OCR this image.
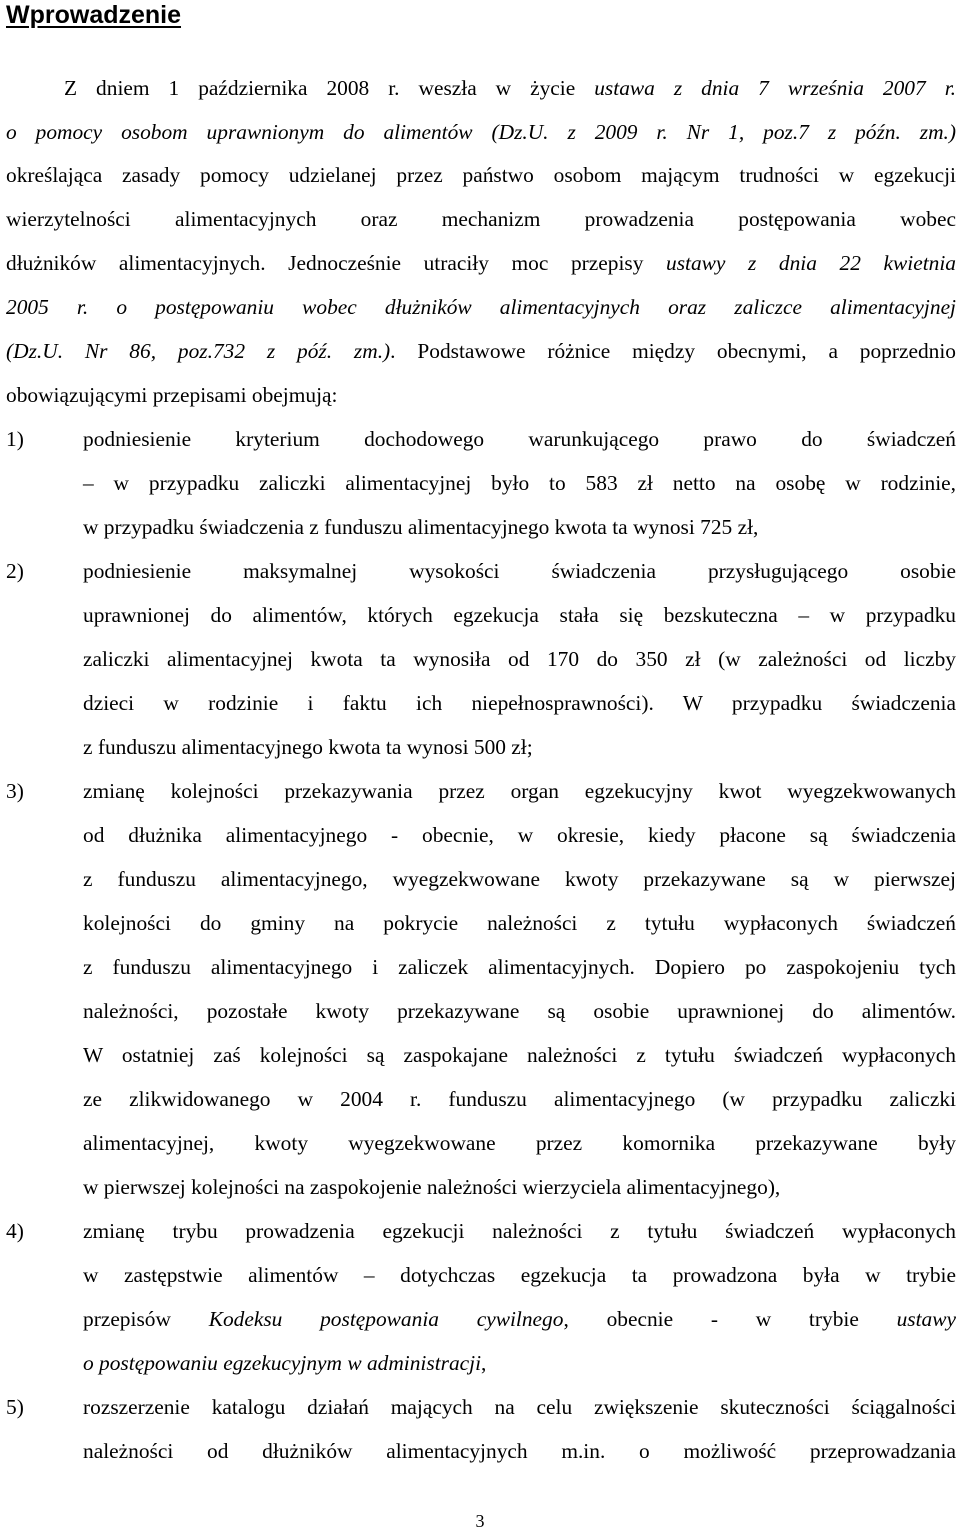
Wprowadzenie
Z dniem 1 października 2008 r. weszła w życie ustawa z dnia 7 września 2007 r.
o pomocy osobom uprawnionym do alimentów (Dz.U. z 2009 r. Nr 1, poz.7 z późn. zm.)
określająca zasady pomocy udzielanej przez państwo osobom mającym trudności w egzekucji
wierzytelności alimentacyjnych oraz mechanizm prowadzenia postępowania wobec
dłużników alimentacyjnych. Jednocześnie utraciły moc przepisy ustawy z dnia 22 kwietnia
2005 r. o postępowaniu wobec dłużników alimentacyjnych oraz zaliczce alimentacyjnej
(Dz.U. Nr 86, poz.732 z póź. zm.). Podstawowe różnice między obecnymi, a poprzednio
obowiązującymi przepisami obejmują:
podniesienie kryterium dochodowego warunkującego prawo do świadczeń
– w przypadku zaliczki alimentacyjnej było to 583 zł netto na osobę w rodzinie,
w przypadku świadczenia z funduszu alimentacyjnego kwota ta wynosi 725 zł,
podniesienie maksymalnej wysokości świadczenia przysługującego osobie
uprawnionej do alimentów, których egzekucja stała się bezskuteczna – w przypadku
zaliczki alimentacyjnej kwota ta wynosiła od 170 do 350 zł (w zależności od liczby
dzieci w rodzinie i faktu ich niepełnosprawności). W przypadku świadczenia
z funduszu alimentacyjnego kwota ta wynosi 500 zł;
zmianę kolejności przekazywania przez organ egzekucyjny kwot wyegzekwowanych
od dłużnika alimentacyjnego - obecnie, w okresie, kiedy płacone są świadczenia
z funduszu alimentacyjnego, wyegzekwowane kwoty przekazywane są w pierwszej
kolejności do gminy na pokrycie należności z tytułu wypłaconych świadczeń
z funduszu alimentacyjnego i zaliczek alimentacyjnych. Dopiero po zaspokojeniu tych
należności, pozostałe kwoty przekazywane są osobie uprawnionej do alimentów.
W ostatniej zaś kolejności są zaspokajane należności z tytułu świadczeń wypłaconych
ze zlikwidowanego w 2004 r. funduszu alimentacyjnego (w przypadku zaliczki
alimentacyjnej, kwoty wyegzekwowane przez komornika przekazywane były
w pierwszej kolejności na zaspokojenie należności wierzyciela alimentacyjnego),
zmianę trybu prowadzenia egzekucji należności z tytułu świadczeń wypłaconych
w zastępstwie alimentów – dotychczas egzekucja ta prowadzona była w trybie
przepisów Kodeksu postępowania cywilnego, obecnie - w trybie ustawy
o postępowaniu egzekucyjnym w administracji,
rozszerzenie katalogu działań mających na celu zwiększenie skuteczności ściągalności
należności od dłużników alimentacyjnych m.in. o możliwość przeprowadzania
1)
2)
3)
4)
5)
3
